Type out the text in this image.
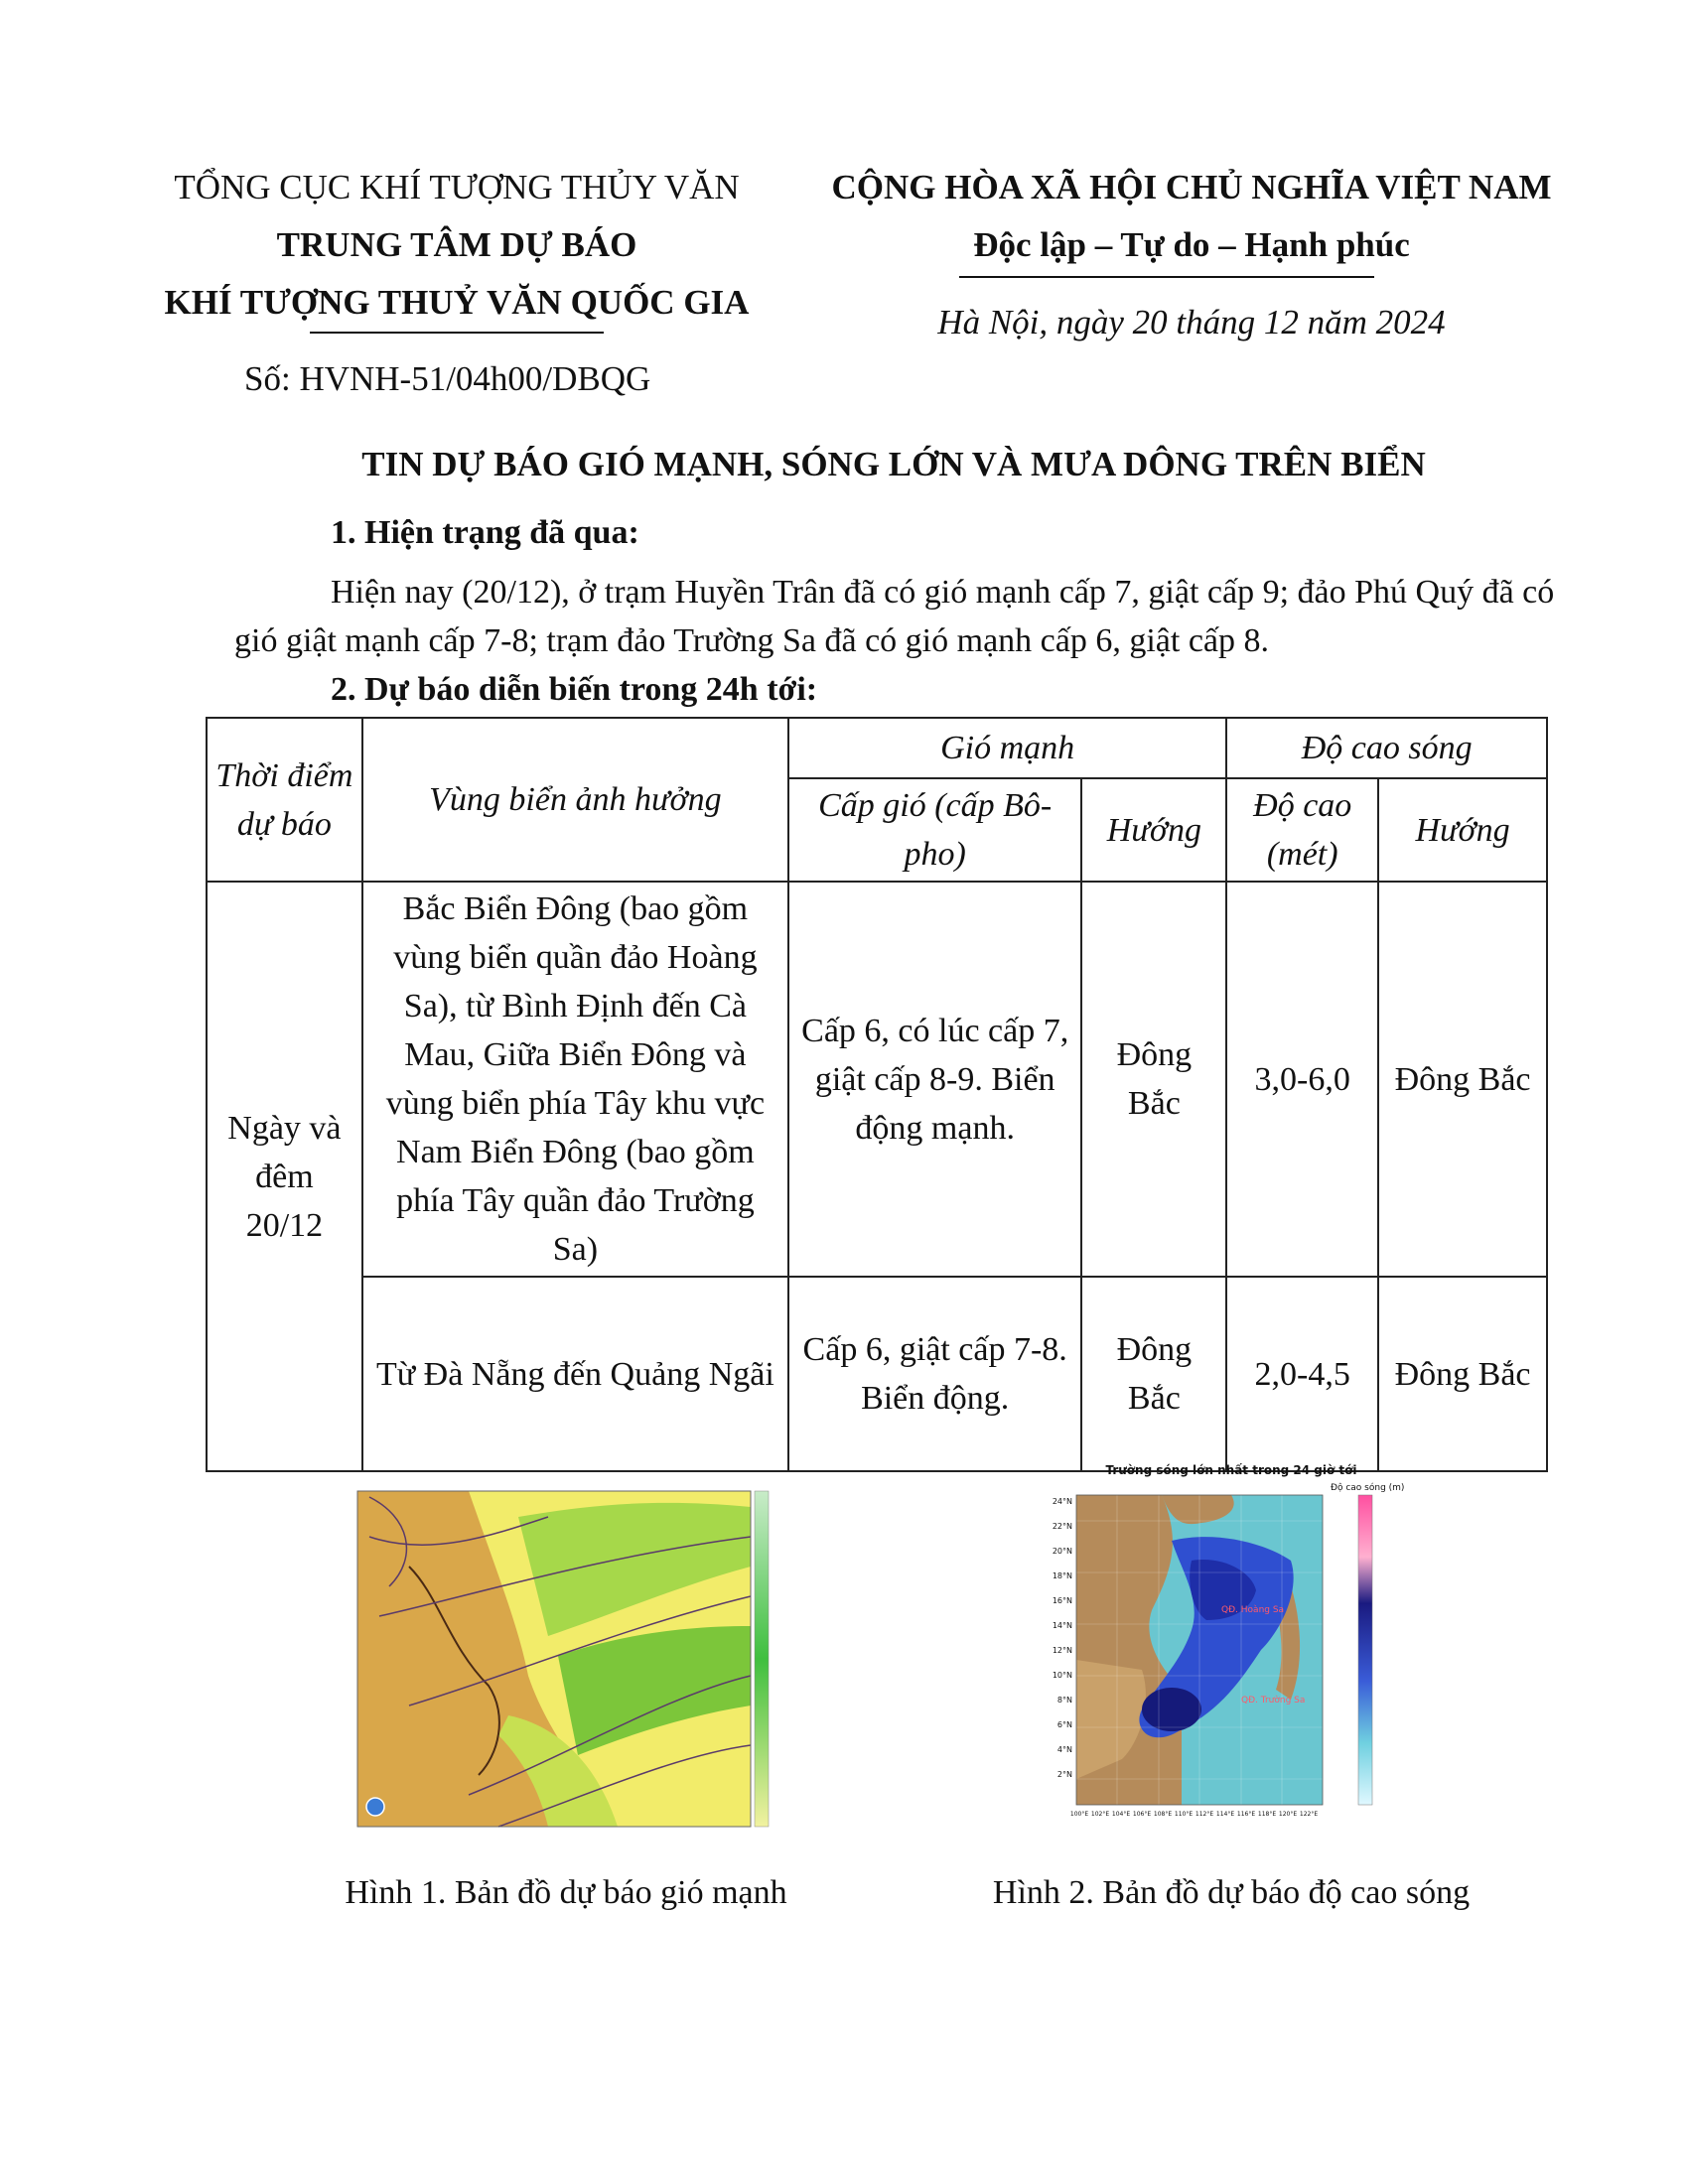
TỔNG CỤC KHÍ TƯỢNG THỦY VĂN
TRUNG TÂM DỰ BÁO
KHÍ TƯỢNG THUỶ VĂN QUỐC GIA
Số: HVNH-51/04h00/DBQG
CỘNG HÒA XÃ HỘI CHỦ NGHĨA VIỆT NAM
Độc lập – Tự do – Hạnh phúc
Hà Nội, ngày 20 tháng 12 năm 2024
TIN DỰ BÁO GIÓ MẠNH, SÓNG LỚN VÀ MƯA DÔNG TRÊN BIỂN
1. Hiện trạng đã qua:
Hiện nay (20/12), ở trạm Huyền Trân đã có gió mạnh cấp 7, giật cấp 9; đảo Phú Quý đã có gió giật mạnh cấp 7-8; trạm đảo Trường Sa đã có gió mạnh cấp 6, giật cấp 8.
2. Dự báo diễn biến trong 24h tới:
Thời điểm dự báo	Vùng biển ảnh hưởng	Gió mạnh		Độ cao sóng	
		Cấp gió (cấp Bô-pho)	Hướng	Độ cao (mét)	Hướng
Ngày và đêm 20/12	Bắc Biển Đông (bao gồm vùng biển quần đảo Hoàng Sa), từ Bình Định đến Cà Mau, Giữa Biển Đông và vùng biển phía Tây khu vực Nam Biển Đông (bao gồm phía Tây quần đảo Trường Sa)	Cấp 6, có lúc cấp 7, giật cấp 8-9. Biển động mạnh.	Đông Bắc	3,0-6,0	Đông Bắc
	Từ Đà Nẵng đến Quảng Ngãi	Cấp 6, giật cấp 7-8. Biển động.	Đông Bắc	2,0-4,5	Đông Bắc
Trường sóng lớn nhất trong 24 giờ tới
Độ cao sóng (m)
QĐ. Hoàng Sa
QĐ. Trường Sa
24°N
22°N
20°N
18°N
16°N
14°N
12°N
10°N
8°N
6°N
4°N
2°N
100°E 102°E 104°E 106°E 108°E 110°E 112°E 114°E 116°E 118°E 120°E 122°E
Hình 1. Bản đồ dự báo gió mạnh	Hình 2. Bản đồ dự báo độ cao sóng
